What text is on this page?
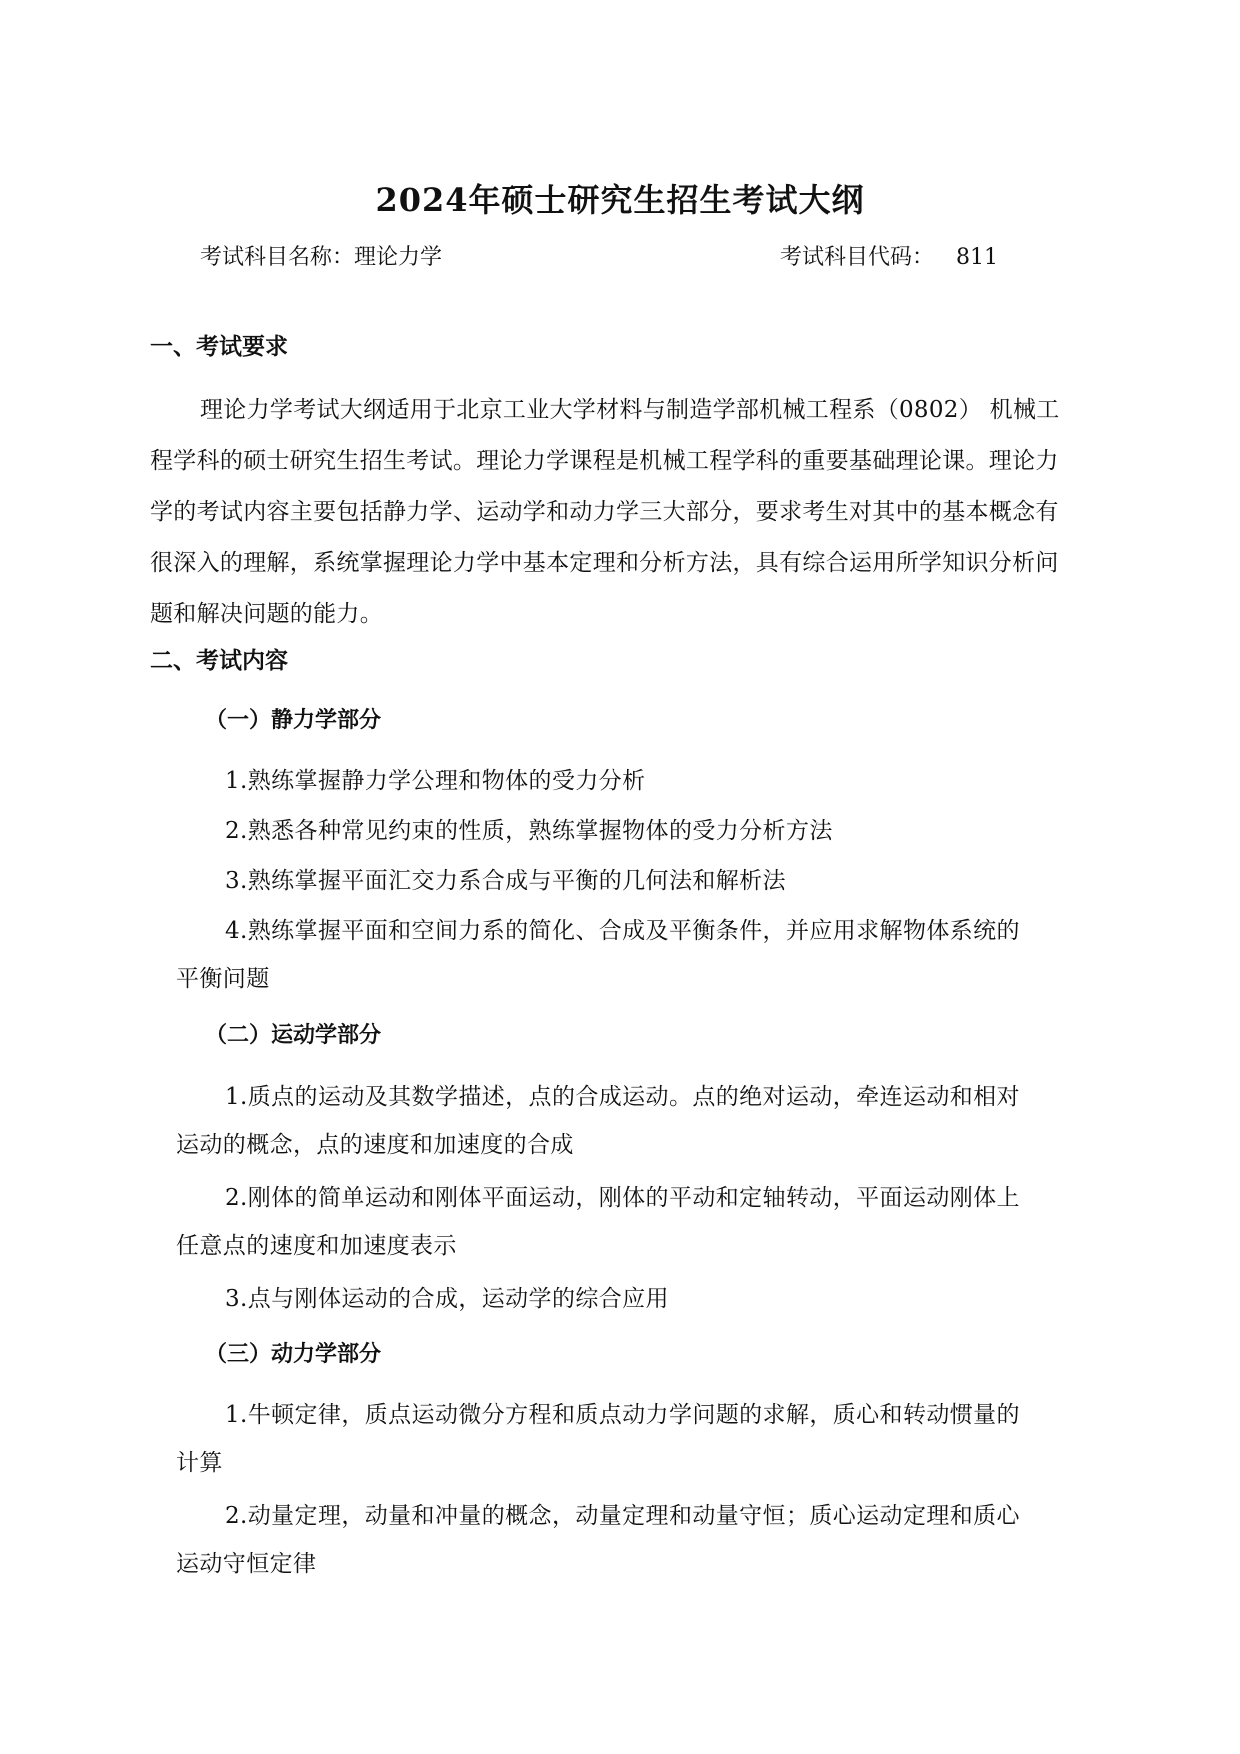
2024年硕士研究生招生考试大纲
考试科目名称：理论力学	考试科目代码： 811
一、考试要求
理论力学考试大纲适用于北京工业大学材料与制造学部机械工程系（0802） 机械工程学科的硕士研究生招生考试。理论力学课程是机械工程学科的重要基础理论课。理论力学的考试内容主要包括静力学、运动学和动力学三大部分，要求考生对其中的基本概念有很深入的理解，系统掌握理论力学中基本定理和分析方法，具有综合运用所学知识分析问题和解决问题的能力。
二、考试内容
（一）静力学部分
1.熟练掌握静力学公理和物体的受力分析
2.熟悉各种常见约束的性质，熟练掌握物体的受力分析方法
3.熟练掌握平面汇交力系合成与平衡的几何法和解析法
4.熟练掌握平面和空间力系的简化、合成及平衡条件，并应用求解物体系统的
平衡问题
（二）运动学部分
1.质点的运动及其数学描述，点的合成运动。点的绝对运动，牵连运动和相对
运动的概念，点的速度和加速度的合成
2.刚体的简单运动和刚体平面运动，刚体的平动和定轴转动，平面运动刚体上
任意点的速度和加速度表示
3.点与刚体运动的合成，运动学的综合应用
（三）动力学部分
1.牛顿定律，质点运动微分方程和质点动力学问题的求解，质心和转动惯量的
计算
2.动量定理，动量和冲量的概念，动量定理和动量守恒；质心运动定理和质心
运动守恒定律
